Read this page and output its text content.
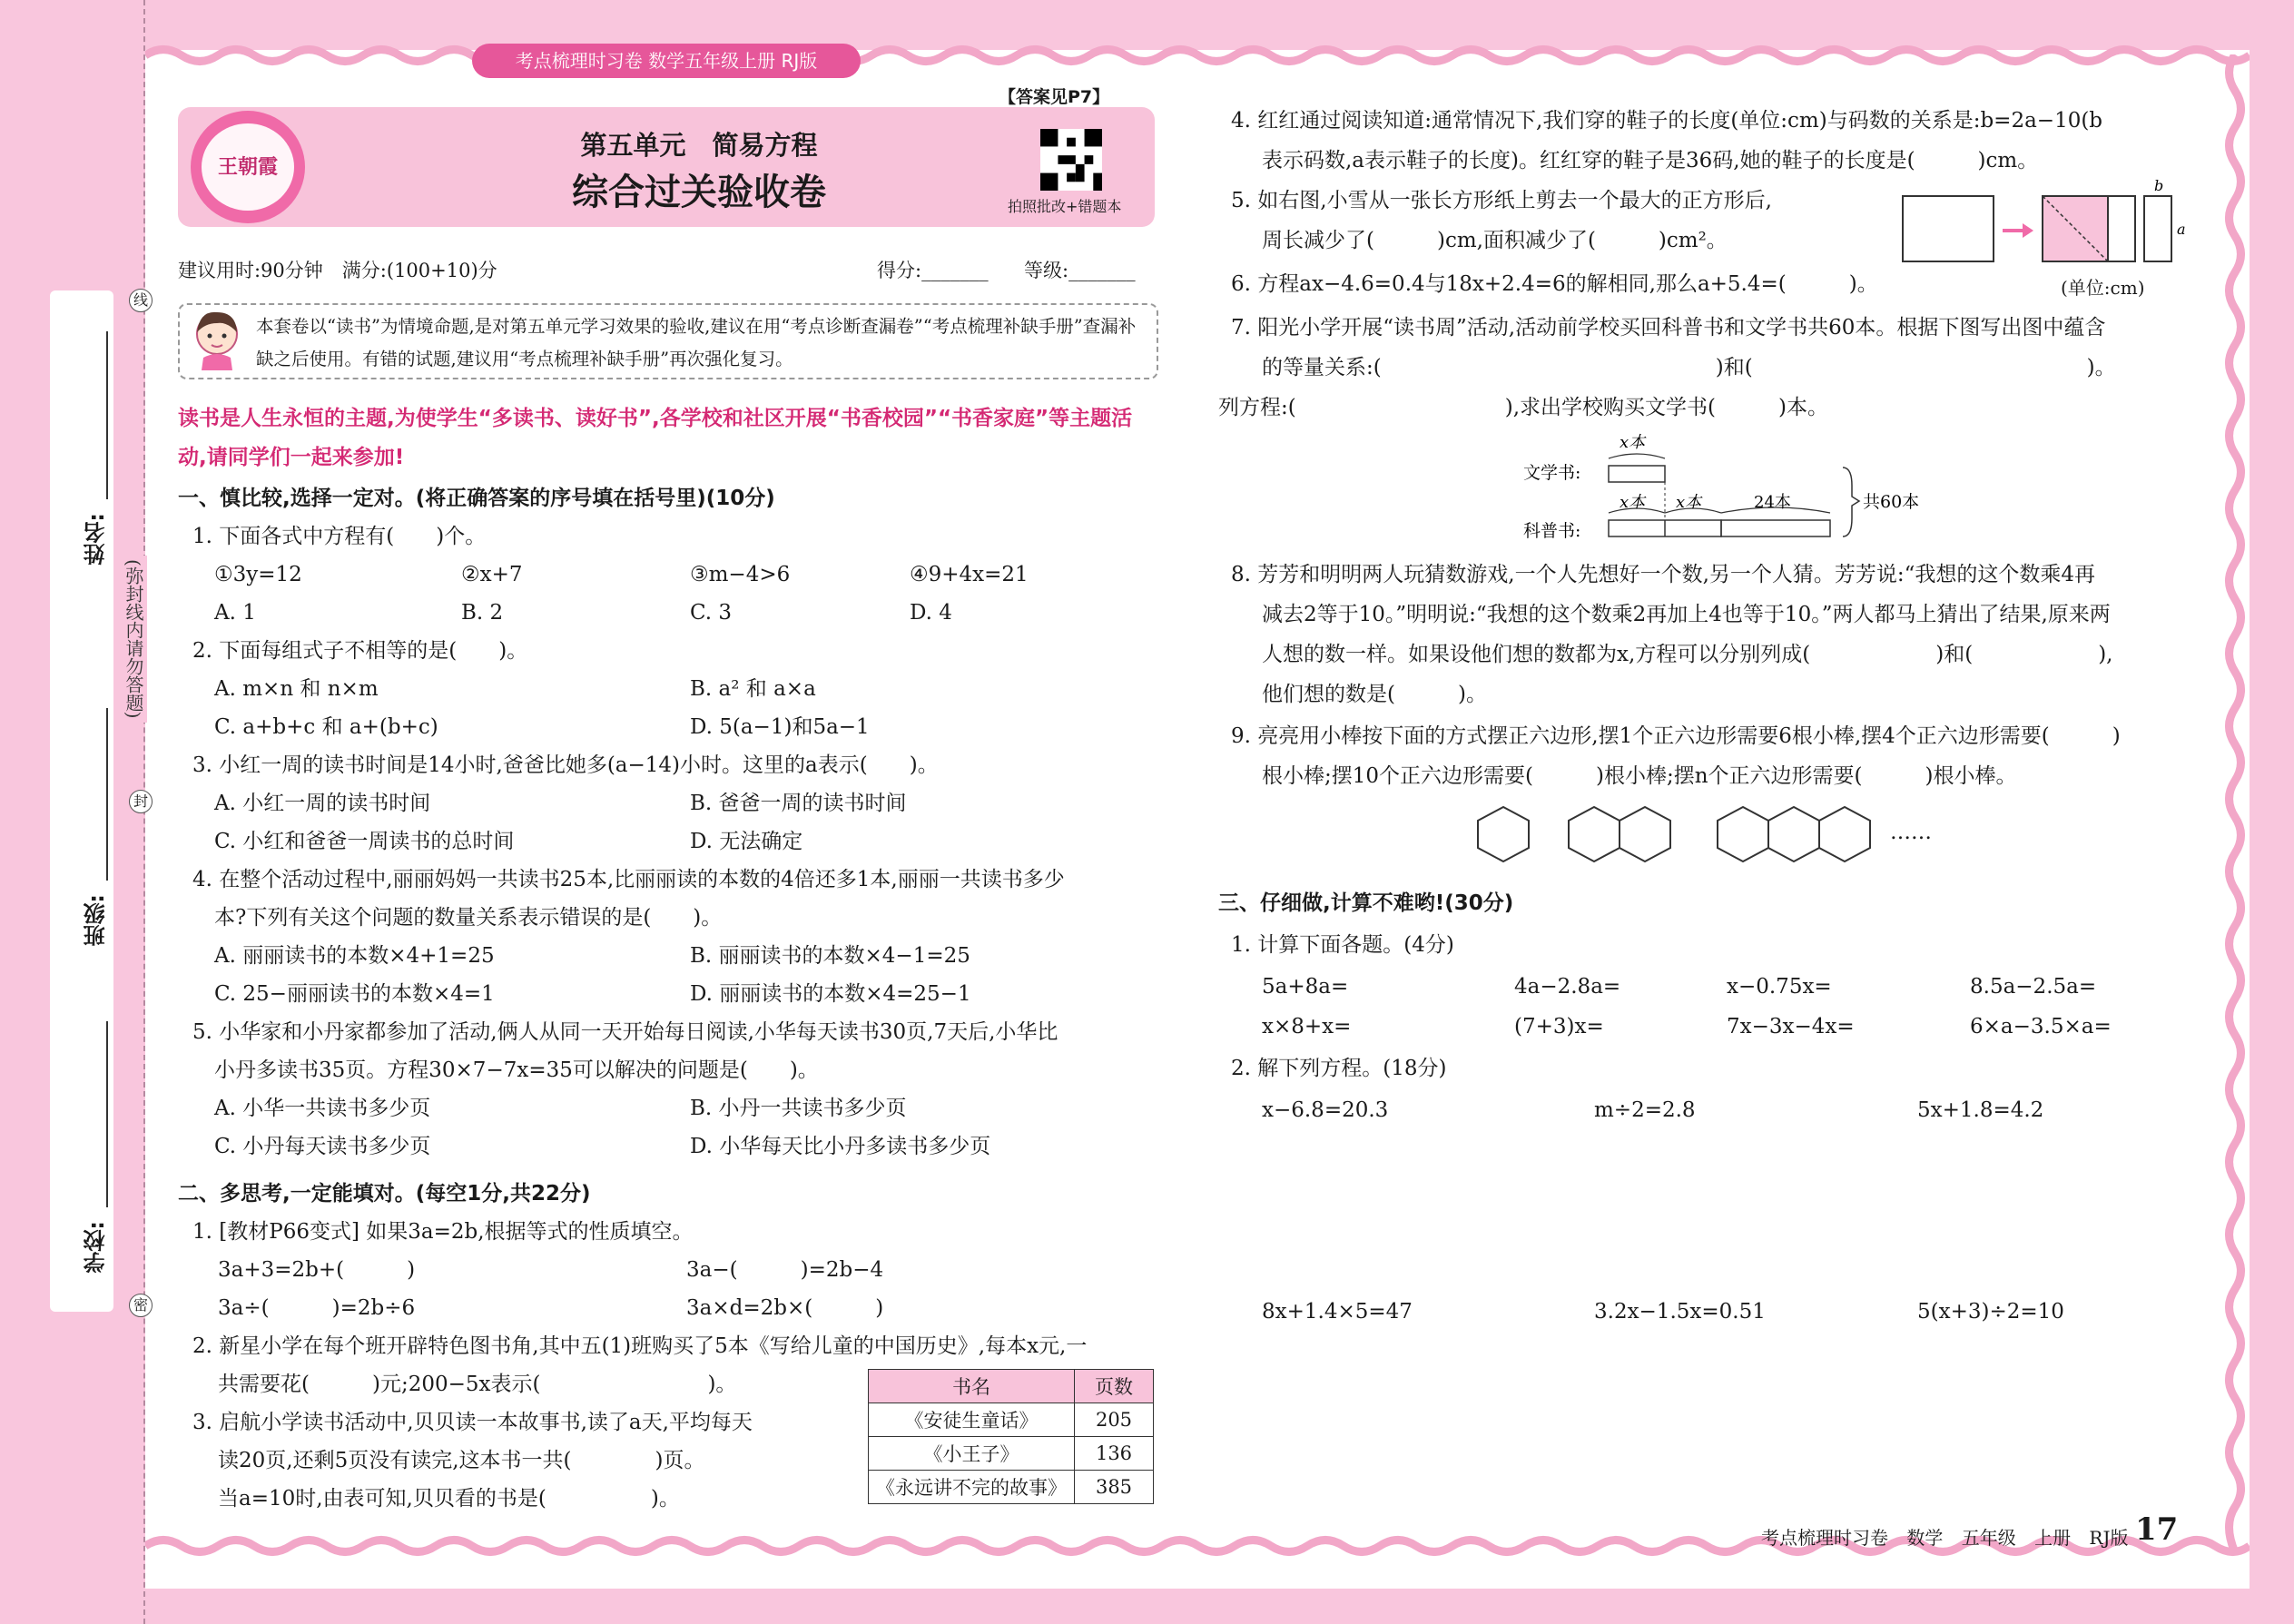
姓名:
班级:
学校:
线
封
密
(弥封线内请勿答题)
考点梳理时习卷 数学五年级上册 RJ版
王朝霞
第五单元　简易方程
综合过关验收卷
【答案见P7】
拍照批改+错题本
建议用时:90分钟　满分:(100+10)分	得分:_______ 等级:_______
本套卷以“读书”为情境命题,是对第五单元学习效果的验收,建议在用“考点诊断查漏卷”“考点梳理补缺手册”查漏补缺之后使用。有错的试题,建议用“考点梳理补缺手册”再次强化复习。
读书是人生永恒的主题,为使学生“多读书、读好书”,各学校和社区开展“书香校园”“书香家庭”等主题活动,请同学们一起来参加!
一、慎比较,选择一定对。(将正确答案的序号填在括号里)(10分)
1. 下面各式中方程有(　　)个。
①3y=12	②x+7	③m−4>6	④9+4x=21
A. 1	B. 2	C. 3	D. 4
2. 下面每组式子不相等的是(　　)。
A. m×n 和 n×m	B. a² 和 a×a
C. a+b+c 和 a+(b+c)	D. 5(a−1)和5a−1
3. 小红一周的读书时间是14小时,爸爸比她多(a−14)小时。这里的a表示(　　)。
A. 小红一周的读书时间	B. 爸爸一周的读书时间
C. 小红和爸爸一周读书的总时间	D. 无法确定
4. 在整个活动过程中,丽丽妈妈一共读书25本,比丽丽读的本数的4倍还多1本,丽丽一共读书多少
本?下列有关这个问题的数量关系表示错误的是(　　)。
A. 丽丽读书的本数×4+1=25	B. 丽丽读书的本数×4−1=25
C. 25−丽丽读书的本数×4=1	D. 丽丽读书的本数×4=25−1
5. 小华家和小丹家都参加了活动,俩人从同一天开始每日阅读,小华每天读书30页,7天后,小华比
小丹多读书35页。方程30×7−7x=35可以解决的问题是(　　)。
A. 小华一共读书多少页	B. 小丹一共读书多少页
C. 小丹每天读书多少页	D. 小华每天比小丹多读书多少页
二、多思考,一定能填对。(每空1分,共22分)
1. [教材P66变式] 如果3a=2b,根据等式的性质填空。
3a+3=2b+(　　　)	3a−(　　　)=2b−4
3a÷(　　　)=2b÷6	3a×d=2b×(　　　)
2. 新星小学在每个班开辟特色图书角,其中五(1)班购买了5本《写给儿童的中国历史》,每本x元,一
共需要花(　　　)元;200−5x表示(　　　　　　　　)。
3. 启航小学读书活动中,贝贝读一本故事书,读了a天,平均每天
读20页,还剩5页没有读完,这本书一共(　　　　)页。
当a=10时,由表可知,贝贝看的书是(　　　　　)。
书名	页数
《安徒生童话》	205
《小王子》	136
《永远讲不完的故事》	385
4. 红红通过阅读知道:通常情况下,我们穿的鞋子的长度(单位:cm)与码数的关系是:b=2a−10(b
表示码数,a表示鞋子的长度)。红红穿的鞋子是36码,她的鞋子的长度是(　　　)cm。
5. 如右图,小雪从一张长方形纸上剪去一个最大的正方形后,
周长减少了(　　　)cm,面积减少了(　　　)cm²。
6. 方程ax−4.6=0.4与18x+2.4=6的解相同,那么a+5.4=(　　　)。	(单位:cm)
b
a
7. 阳光小学开展“读书周”活动,活动前学校买回科普书和文学书共60本。根据下图写出图中蕴含
的等量关系:(　　　　　　　　　　　　　　　　)和(　　　　　　　　　　　　　　　　)。
列方程:(　　　　　　　　　　),求出学校购买文学书(　　　)本。
文学书:
科普书:
x本
x本 x本	24本	共60本
8. 芳芳和明明两人玩猜数游戏,一个人先想好一个数,另一个人猜。芳芳说:“我想的这个数乘4再
减去2等于10。”明明说:“我想的这个数乘2再加上4也等于10。”两人都马上猜出了结果,原来两
人想的数一样。如果设他们想的数都为x,方程可以分别列成(　　　　　　)和(　　　　　　),
他们想的数是(　　　)。
9. 亮亮用小棒按下面的方式摆正六边形,摆1个正六边形需要6根小棒,摆4个正六边形需要(　　　)
根小棒;摆10个正六边形需要(　　　)根小棒;摆n个正六边形需要(　　　)根小棒。
……
三、仔细做,计算不难哟!(30分)
1. 计算下面各题。(4分)
5a+8a=	4a−2.8a=	x−0.75x=	8.5a−2.5a=
x×8+x=	(7+3)x=	7x−3x−4x=	6×a−3.5×a=
2. 解下列方程。(18分)
x−6.8=20.3	m÷2=2.8	5x+1.8=4.2
8x+1.4×5=47	3.2x−1.5x=0.51	5(x+3)÷2=10
考点梳理时习卷 数学 五年级 上册 RJ版 17
